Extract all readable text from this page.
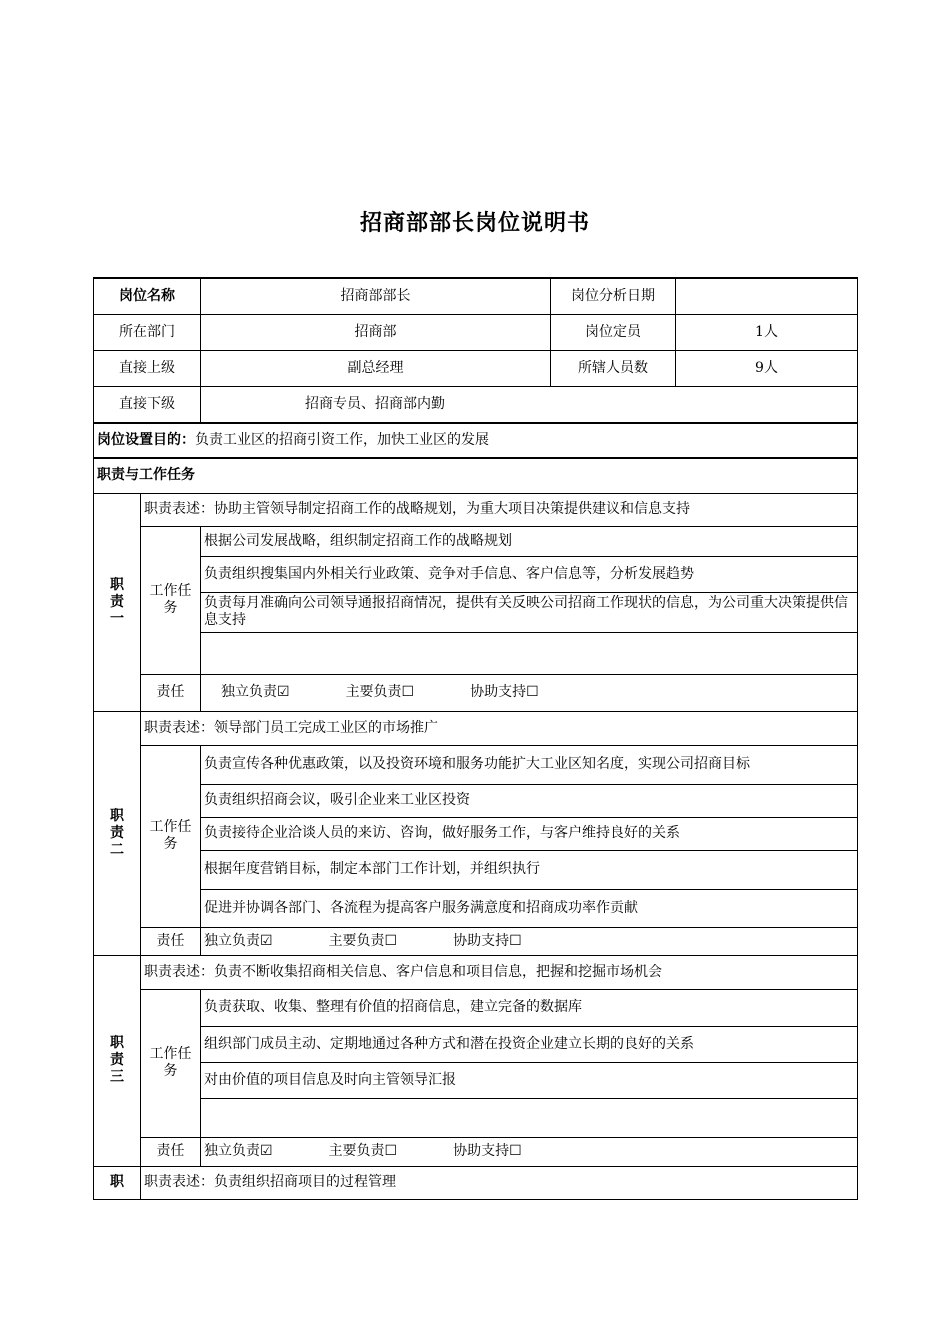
招商部部长岗位说明书
岗位名称		招商部部长	岗位分析日期	
所在部门		招商部	岗位定员	1人
直接上级		副总经理	所辖人员数	9人
直接下级		招商专员、招商部内勤		
岗位设置目的：负责工业区的招商引资工作，加快工业区的发展				
职责与工作任务				

职
责
一	职责表述：协助主管领导制定招商工作的战略规划，为重大项目决策提供建议和信息支持			
	工作任务	根据公司发展战略，组织制定招商工作的战略规划		
		负责组织搜集国内外相关行业政策、竞争对手信息、客户信息等，分析发展趋势		
		负责每月准确向公司领导通报招商情况，提供有关反映公司招商工作现状的信息，为公司重大决策提供信息支持		

	责任	独立负责☑ 主要负责☐ 协助支持☐		

职
责
二	职责表述：领导部门员工完成工业区的市场推广			
	工作任务	负责宣传各种优惠政策，以及投资环境和服务功能扩大工业区知名度，实现公司招商目标		
		负责组织招商会议，吸引企业来工业区投资		
		负责接待企业洽谈人员的来访、咨询，做好服务工作，与客户维持良好的关系		
		根据年度营销目标，制定本部门工作计划，并组织执行		
		促进并协调各部门、各流程为提高客户服务满意度和招商成功率作贡献		
	责任	独立负责☑ 主要负责☐ 协助支持☐		

职
责
三	职责表述：负责不断收集招商相关信息、客户信息和项目信息，把握和挖掘市场机会			
	工作任务	负责获取、收集、整理有价值的招商信息，建立完备的数据库		
		组织部门成员主动、定期地通过各种方式和潜在投资企业建立长期的良好的关系		
		对由价值的项目信息及时向主管领导汇报		

	责任	独立负责☑ 主要负责☐ 协助支持☐		

职	职责表述：负责组织招商项目的过程管理			
